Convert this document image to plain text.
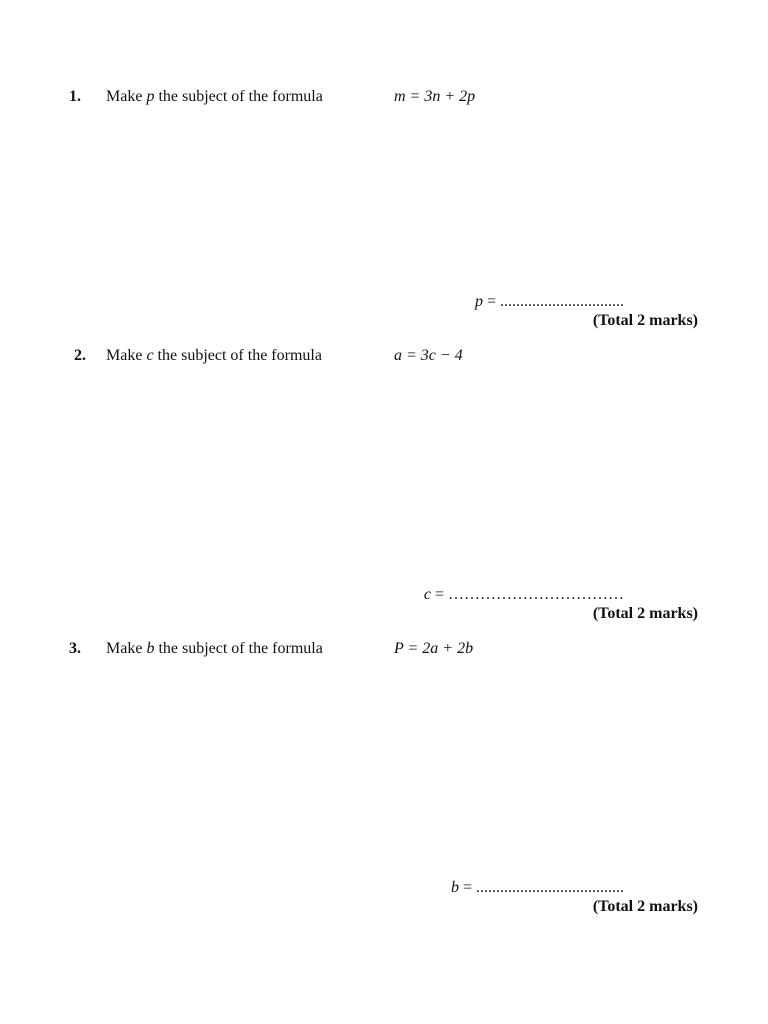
1. Make p the subject of the formula	m = 3n + 2p
p = ...............................
(Total 2 marks)
2. Make c the subject of the formula	a = 3c − 4
c = ……………………………
(Total 2 marks)
3. Make b the subject of the formula	P = 2a + 2b
b = .....................................
(Total 2 marks)
